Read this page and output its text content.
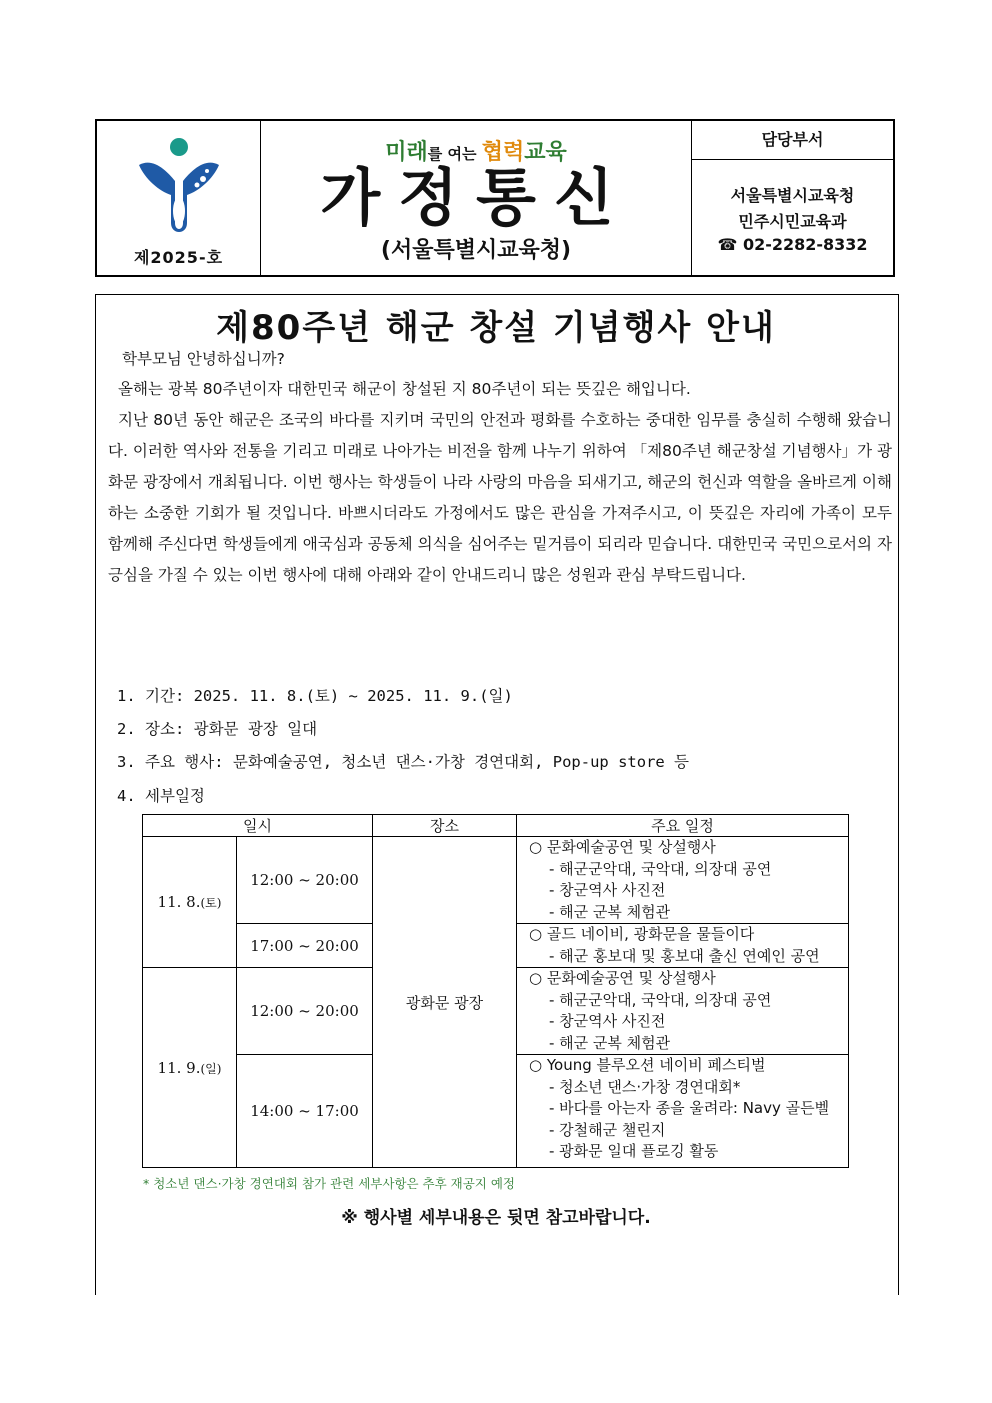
제2025-호
미래를 여는 협력교육
가정통신
(서울특별시교육청)
담당부서
서울특별시교육청
민주시민교육과
☎ 02-2282-8332
제80주년 해군 창설 기념행사 안내
학부모님 안녕하십니까?
올해는 광복 80주년이자 대한민국 해군이 창설된 지 80주년이 되는 뜻깊은 해입니다.
지난 80년 동안 해군은 조국의 바다를 지키며 국민의 안전과 평화를 수호하는 중대한 임무를 충실히 수행해 왔습니다. 이러한 역사와 전통을 기리고 미래로 나아가는 비전을 함께 나누기 위하여 「제80주년 해군창설 기념행사」가 광화문 광장에서 개최됩니다. 이번 행사는 학생들이 나라 사랑의 마음을 되새기고, 해군의 헌신과 역할을 올바르게 이해하는 소중한 기회가 될 것입니다. 바쁘시더라도 가정에서도 많은 관심을 가져주시고, 이 뜻깊은 자리에 가족이 모두 함께해 주신다면 학생들에게 애국심과 공동체 의식을 심어주는 밑거름이 되리라 믿습니다. 대한민국 국민으로서의 자긍심을 가질 수 있는 이번 행사에 대해 아래와 같이 안내드리니 많은 성원과 관심 부탁드립니다.
1. 기간: 2025. 11. 8.(토) ~ 2025. 11. 9.(일)
2. 장소: 광화문 광장 일대
3. 주요 행사: 문화예술공연, 청소년 댄스·가창 경연대회, Pop-up store 등
4. 세부일정
일시		장소	주요 일정
11. 8.(토)	12:00 ~ 20:00	광화문 광장	○ 문화예술공연 및 상설행사
- 해군군악대, 국악대, 의장대 공연
- 창군역사 사진전
- 해군 군복 체험관

	17:00 ~ 20:00		○ 골드 네이비, 광화문을 물들이다
- 해군 홍보대 및 홍보대 출신 연예인 공연

11. 9.(일)	12:00 ~ 20:00		○ 문화예술공연 및 상설행사
- 해군군악대, 국악대, 의장대 공연
- 창군역사 사진전
- 해군 군복 체험관

	14:00 ~ 17:00		○ Young 블루오션 네이비 페스티벌
- 청소년 댄스·가창 경연대회*
- 바다를 아는자 종을 울려라: Navy 골든벨
- 강철해군 챌린지
- 광화문 일대 플로깅 활동
* 청소년 댄스·가창 경연대회 참가 관련 세부사항은 추후 재공지 예정
※ 행사별 세부내용은 뒷면 참고바랍니다.
